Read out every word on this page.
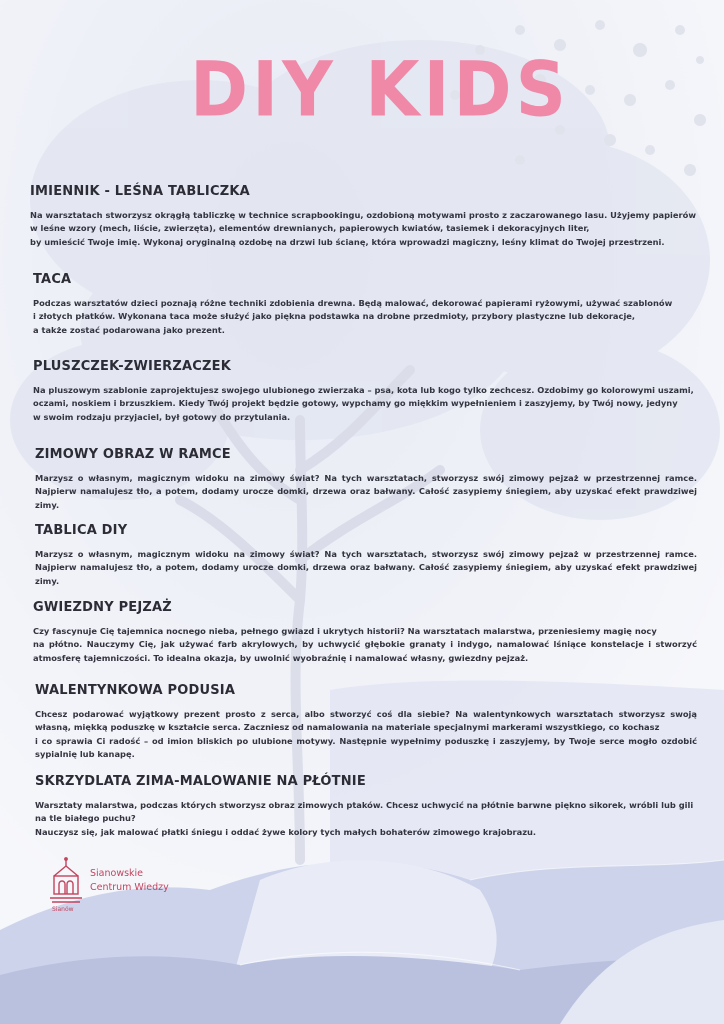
DIY KIDS
IMIENNIK - LEŚNA TABLICZKA

Na warsztatach stworzysz okrągłą tabliczkę w technice scrapbookingu, ozdobioną motywami prosto z zaczarowanego lasu. Użyjemy papierów w leśne wzory (mech, liście, zwierzęta), elementów drewnianych, papierowych kwiatów, tasiemek i dekoracyjnych liter,
by umieścić Twoje imię. Wykonaj oryginalną ozdobę na drzwi lub ścianę, która wprowadzi magiczny, leśny klimat do Twojej przestrzeni.

TACA

Podczas warsztatów dzieci poznają różne techniki zdobienia drewna. Będą malować, dekorować papierami ryżowymi, używać szablonów
i złotych płatków. Wykonana taca może służyć jako piękna podstawka na drobne przedmioty, przybory plastyczne lub dekoracje,
a także zostać podarowana jako prezent.

PLUSZCZEK-ZWIERZACZEK

Na pluszowym szablonie zaprojektujesz swojego ulubionego zwierzaka – psa, kota lub kogo tylko zechcesz. Ozdobimy go kolorowymi uszami,
oczami, noskiem i brzuszkiem. Kiedy Twój projekt będzie gotowy, wypchamy go miękkim wypełnieniem i zaszyjemy, by Twój nowy, jedyny
w swoim rodzaju przyjaciel, był gotowy do przytulania.

ZIMOWY OBRAZ W RAMCE

Marzysz o własnym, magicznym widoku na zimowy świat? Na tych warsztatach, stworzysz swój zimowy pejzaż w przestrzennej ramce. Najpierw namalujesz tło, a potem, dodamy urocze domki, drzewa oraz bałwany. Całość zasypiemy śniegiem, aby uzyskać efekt prawdziwej zimy.

TABLICA DIY

Marzysz o własnym, magicznym widoku na zimowy świat? Na tych warsztatach, stworzysz swój zimowy pejzaż w przestrzennej ramce. Najpierw namalujesz tło, a potem, dodamy urocze domki, drzewa oraz bałwany. Całość zasypiemy śniegiem, aby uzyskać efekt prawdziwej zimy.

GWIEZDNY PEJZAŻ

Czy fascynuje Cię tajemnica nocnego nieba, pełnego gwiazd i ukrytych historii? Na warsztatach malarstwa, przeniesiemy magię nocy
na płótno. Nauczymy Cię, jak używać farb akrylowych, by uchwycić głębokie granaty i indygo, namalować lśniące konstelacje i stworzyć atmosferę tajemniczości. To idealna okazja, by uwolnić wyobraźnię i namalować własny, gwiezdny pejzaż.

WALENTYNKOWA PODUSIA

Chcesz podarować wyjątkowy prezent prosto z serca, albo stworzyć coś dla siebie? Na walentynkowych warsztatach stworzysz swoją własną, miękką poduszkę w kształcie serca. Zaczniesz od namalowania na materiale specjalnymi markerami wszystkiego, co kochasz
i co sprawia Ci radość – od imion bliskich po ulubione motywy. Następnie wypełnimy poduszkę i zaszyjemy, by Twoje serce mogło ozdobić sypialnię lub kanapę.

SKRZYDLATA ZIMA-MALOWANIE NA PŁÓTNIE

Warsztaty malarstwa, podczas których stworzysz obraz zimowych ptaków. Chcesz uchwycić na płótnie barwne piękno sikorek, wróbli lub gili na tle białego puchu?
Nauczysz się, jak malować płatki śniegu i oddać żywe kolory tych małych bohaterów zimowego krajobrazu.

Sianowskie
Centrum Wiedzy
Sianów
